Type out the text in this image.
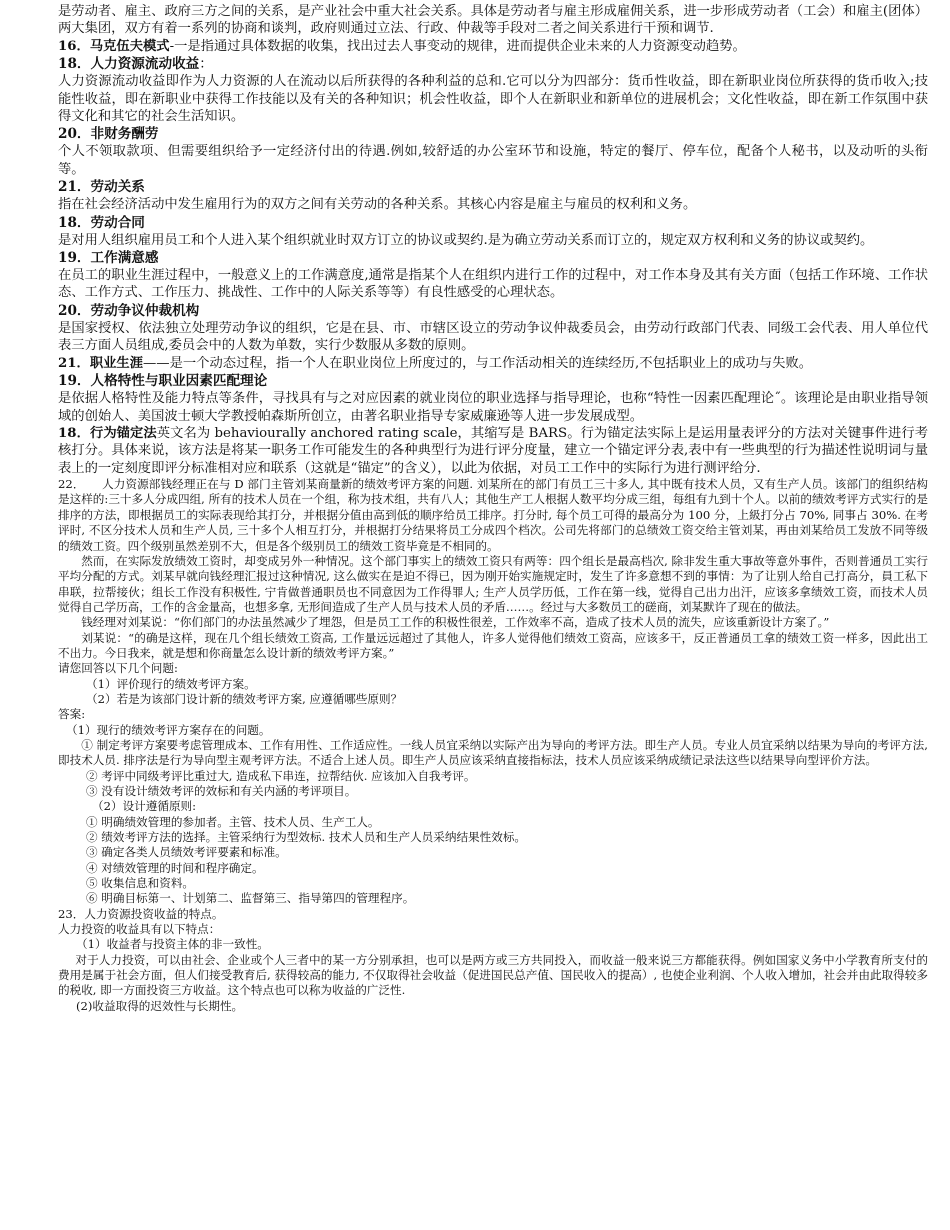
是劳动者、雇主、政府三方之间的关系，是产业社会中重大社会关系。具体是劳动者与雇主形成雇佣关系，进一步形成劳动者（工会）和雇主(团体）两大集团，双方有着一系列的协商和谈判，政府则通过立法、行政、仲裁等手段对二者之间关系进行干预和调节.

16．马克伍夫模式-一是指通过具体数据的收集，找出过去人事变动的规律，进而提供企业未来的人力资源变动趋势。

18．人力资源流动收益：

人力资源流动收益即作为人力资源的人在流动以后所获得的各种利益的总和.它可以分为四部分：货币性收益，即在新职业岗位所获得的货币收入;技能性收益，即在新职业中获得工作技能以及有关的各种知识；机会性收益，即个人在新职业和新单位的进展机会；文化性收益，即在新工作氛围中获得文化和其它的社会生活知识。

20．非财务酬劳

个人不领取款项、但需要组织给予一定经济付出的待遇.例如,较舒适的办公室环节和设施，特定的餐厅、停车位，配备个人秘书，以及动听的头衔等。

21．劳动关系

指在社会经济活动中发生雇用行为的双方之间有关劳动的各种关系。其核心内容是雇主与雇员的权利和义务。

18．劳动合同

是对用人组织雇用员工和个人进入某个组织就业时双方订立的协议或契约.是为确立劳动关系而订立的，规定双方权利和义务的协议或契约。

19．工作满意感

在员工的职业生涯过程中，一般意义上的工作满意度,通常是指某个人在组织内进行工作的过程中，对工作本身及其有关方面（包括工作环境、工作状态、工作方式、工作压力、挑战性、工作中的人际关系等等）有良性感受的心理状态。

20．劳动争议仲裁机构

是国家授权、依法独立处理劳动争议的组织，它是在县、市、市辖区设立的劳动争议仲裁委员会，由劳动行政部门代表、同级工会代表、用人单位代表三方面人员组成,委员会中的人数为单数，实行少数服从多数的原则。

21．职业生涯——是一个动态过程，指一个人在职业岗位上所度过的，与工作活动相关的连续经历,不包括职业上的成功与失败。

19．人格特性与职业因素匹配理论

是依据人格特性及能力特点等条件，寻找具有与之对应因素的就业岗位的职业选择与指导理论，也称“特性一因素匹配理论˝。该理论是由职业指导领域的创始人、美国波士顿大学教授帕森斯所创立，由著名职业指导专家威廉逊等人进一步发展成型。

18．行为锚定法英文名为 behaviourally anchored rating scale，其缩写是 BARS。行为锚定法实际上是运用量表评分的方法对关键事件进行考核打分。具体来说，该方法是将某一职务工作可能发生的各种典型行为进行评分度量，建立一个锚定评分表,表中有一些典型的行为描述性说明词与量表上的一定刻度即评分标准相对应和联系（这就是“锚定”的含义），以此为依据，对员工工作中的实际行为进行测评给分.

22．　　人力资源部钱经理正在与 D 部门主管刘某商量新的绩效考评方案的问题. 刘某所在的部门有员工三十多人, 其中既有技术人员，又有生产人员。该部门的组织结构是这样的:三十多人分成四组, 所有的技术人员在一个组，称为技术组，共有八人；其他生产工人根据人数平均分成三组，每组有九到十个人。以前的绩效考评方式实行的是排序的方法，即根据员工的实际表现给其打分，并根据分值由高到低的顺序给员工排序。打分时, 每个员工可得的最高分为 100 分，上級打分占 70%, 同事占 30%. 在考评时, 不区分技术人员和生产人员, 三十多个人相互打分，并根据打分结果将员工分成四个档次。公司先将部门的总绩效工资交给主管刘某，再由刘某给员工发放不同等级的绩效工资。四个级别虽然差别不大，但是各个级别员工的绩效工资毕竟是不相同的。

然而，在实际发放绩效工资时，却变成另外一种情况。这个部门事实上的绩效工资只有两等：四个组长是最高档次, 除非发生重大事故等意外事件，否则普通员工实行平均分配的方式。刘某早就向钱经理汇报过这种情况, 这么做实在是迫不得已，因为刚开始实施规定时，发生了许多意想不到的事情：为了让别人给自己打高分，員工私下串联，拉帮接伙；组长工作没有积极性, 宁肯做普通职员也不同意因为工作得罪人; 生产人员学历低，工作在第一线，觉得自己出力出汗，应该多拿绩效工资，而技术人员觉得自己学历高，工作的含金量高，也想多拿, 无形间造成了生产人员与技术人员的矛盾……。经过与大多数员工的磋商，刘某默许了现在的做法。

钱经理对刘某说：“你们部门的办法虽然减少了埋怨，但是员工工作的积极性很差，工作效率不高，造成了技术人员的流失，应该重新设计方案了。”

刘某说：“的确是这样，现在几个组长绩效工资高, 工作量远远超过了其他人，许多人觉得他们绩效工资高，应该多干，反正普通员工拿的绩效工资一样多，因此出工不出力。今日我来，就是想和你商量怎么设计新的绩效考评方案。”

请您回答以下几个问题:

（1）评价现行的绩效考评方案。

（2）若是为该部门设计新的绩效考评方案, 应遵循哪些原则？

答案:

（1）现行的绩效考评方案存在的问题。

① 制定考评方案要考虑管理成本、工作有用性、工作适应性。一线人员宜采纳以实际产出为导向的考评方法。即生产人员。专业人员宜采纳以结果为导向的考评方法, 即技术人员. 排序法是行为导向型主观考评方法。不适合上述人员。即生产人员应该采纳直接指标法，技术人员应该采纳成绩记录法这些以结果导向型评价方法。

② 考评中同级考评比重过大, 造成私下串连，拉帮结伙. 应该加入自我考评。

③ 没有设计绩效考评的效标和有关内涵的考评项目。

（2）设计遵循原则:

① 明确绩效管理的参加者。主管、技术人员、生产工人。

② 绩效考评方法的选择。主管采纳行为型效标. 技术人员和生产人员采纳结果性效标。

③ 确定各类人员绩效考评要素和标准。

④ 对绩效管理的时间和程序确定。

⑤ 收集信息和资料。

⑥ 明确目标第一、计划第二、监督第三、指导第四的管理程序。

23．人力资源投资收益的特点。

人力投资的收益具有以下特点：

（1）收益者与投资主体的非一致性。

对于人力投资，可以由社会、企业或个人三者中的某一方分别承担，也可以是两方或三方共同投入，而收益一般来说三方都能获得。例如国家义务中小学教育所支付的费用是属于社会方面，但人们接受教育后, 获得较高的能力, 不仅取得社会收益（促进国民总产值、国民收入的提高）, 也使企业利润、个人收入增加，社会并由此取得较多的税收, 即一方面投资三方收益。这个特点也可以称为收益的广泛性.

(2)收益取得的迟效性与长期性。
